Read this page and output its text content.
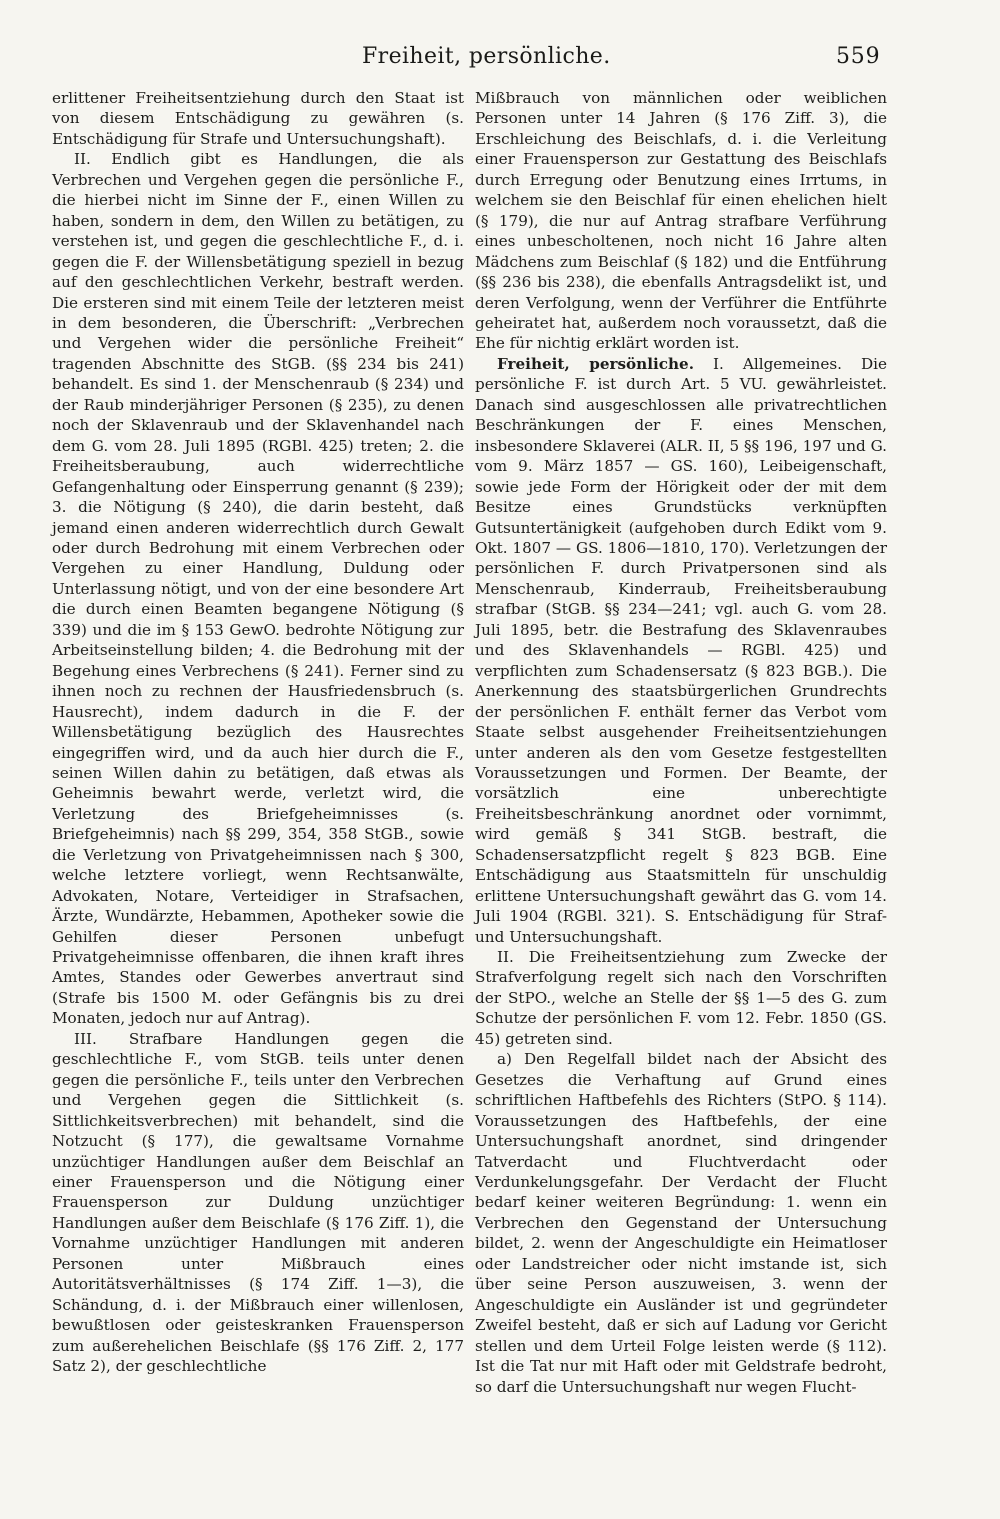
Freiheit, persönliche.	559

erlittener Freiheitsentziehung durch den Staat ist von diesem Entschädigung zu gewähren (s. Entschädigung für Strafe und Untersuchungshaft).

II. Endlich gibt es Handlungen, die als Verbrechen und Vergehen gegen die persönliche F., die hierbei nicht im Sinne der F., einen Willen zu haben, sondern in dem, den Willen zu betätigen, zu verstehen ist, und gegen die geschlechtliche F., d. i. gegen die F. der Willensbetätigung speziell in bezug auf den geschlechtlichen Verkehr, bestraft werden. Die ersteren sind mit einem Teile der letzteren meist in dem besonderen, die Überschrift: „Verbrechen und Vergehen wider die persönliche Freiheit“ tragenden Abschnitte des StGB. (§§ 234 bis 241) behandelt. Es sind 1. der Menschenraub (§ 234) und der Raub minderjähriger Personen (§ 235), zu denen noch der Sklavenraub und der Sklavenhandel nach dem G. vom 28. Juli 1895 (RGBl. 425) treten; 2. die Freiheitsberaubung, auch widerrechtliche Gefangenhaltung oder Einsperrung genannt (§ 239); 3. die Nötigung (§ 240), die darin besteht, daß jemand einen anderen widerrechtlich durch Gewalt oder durch Bedrohung mit einem Verbrechen oder Vergehen zu einer Handlung, Duldung oder Unterlassung nötigt, und von der eine besondere Art die durch einen Beamten begangene Nötigung (§ 339) und die im § 153 GewO. bedrohte Nötigung zur Arbeitseinstellung bilden; 4. die Bedrohung mit der Begehung eines Verbrechens (§ 241). Ferner sind zu ihnen noch zu rechnen der Hausfriedensbruch (s. Hausrecht), indem dadurch in die F. der Willensbetätigung bezüglich des Hausrechtes eingegriffen wird, und da auch hier durch die F., seinen Willen dahin zu betätigen, daß etwas als Geheimnis bewahrt werde, verletzt wird, die Verletzung des Briefgeheimnisses (s. Briefgeheimnis) nach §§ 299, 354, 358 StGB., sowie die Verletzung von Privatgeheimnissen nach § 300, welche letztere vorliegt, wenn Rechtsanwälte, Advokaten, Notare, Verteidiger in Strafsachen, Ärzte, Wundärzte, Hebammen, Apotheker sowie die Gehilfen dieser Personen unbefugt Privatgeheimnisse offenbaren, die ihnen kraft ihres Amtes, Standes oder Gewerbes anvertraut sind (Strafe bis 1500 M. oder Gefängnis bis zu drei Monaten, jedoch nur auf Antrag).

III. Strafbare Handlungen gegen die geschlechtliche F., vom StGB. teils unter denen gegen die persönliche F., teils unter den Verbrechen und Vergehen gegen die Sittlichkeit (s. Sittlichkeitsverbrechen) mit behandelt, sind die Notzucht (§ 177), die gewaltsame Vornahme unzüchtiger Handlungen außer dem Beischlaf an einer Frauensperson und die Nötigung einer Frauensperson zur Duldung unzüchtiger Handlungen außer dem Beischlafe (§ 176 Ziff. 1), die Vornahme unzüchtiger Handlungen mit anderen Personen unter Mißbrauch eines Autoritätsverhältnisses (§ 174 Ziff. 1—3), die Schändung, d. i. der Mißbrauch einer willenlosen, bewußtlosen oder geisteskranken Frauensperson zum außerehelichen Beischlafe (§§ 176 Ziff. 2, 177 Satz 2), der geschlechtliche

Mißbrauch von männlichen oder weiblichen Personen unter 14 Jahren (§ 176 Ziff. 3), die Erschleichung des Beischlafs, d. i. die Verleitung einer Frauensperson zur Gestattung des Beischlafs durch Erregung oder Benutzung eines Irrtums, in welchem sie den Beischlaf für einen ehelichen hielt (§ 179), die nur auf Antrag strafbare Verführung eines unbescholtenen, noch nicht 16 Jahre alten Mädchens zum Beischlaf (§ 182) und die Entführung (§§ 236 bis 238), die ebenfalls Antragsdelikt ist, und deren Verfolgung, wenn der Verführer die Entführte geheiratet hat, außerdem noch voraussetzt, daß die Ehe für nichtig erklärt worden ist.

Freiheit, persönliche. I. Allgemeines. Die persönliche F. ist durch Art. 5 VU. gewährleistet. Danach sind ausgeschlossen alle privatrechtlichen Beschränkungen der F. eines Menschen, insbesondere Sklaverei (ALR. II, 5 §§ 196, 197 und G. vom 9. März 1857 — GS. 160), Leibeigenschaft, sowie jede Form der Hörigkeit oder der mit dem Besitze eines Grundstücks verknüpften Gutsuntertänigkeit (aufgehoben durch Edikt vom 9. Okt. 1807 — GS. 1806—1810, 170). Verletzungen der persönlichen F. durch Privatpersonen sind als Menschenraub, Kinderraub, Freiheitsberaubung strafbar (StGB. §§ 234—241; vgl. auch G. vom 28. Juli 1895, betr. die Bestrafung des Sklavenraubes und des Sklavenhandels — RGBl. 425) und verpflichten zum Schadensersatz (§ 823 BGB.). Die Anerkennung des staatsbürgerlichen Grundrechts der persönlichen F. enthält ferner das Verbot vom Staate selbst ausgehender Freiheitsentziehungen unter anderen als den vom Gesetze festgestellten Voraussetzungen und Formen. Der Beamte, der vorsätzlich eine unberechtigte Freiheitsbeschränkung anordnet oder vornimmt, wird gemäß § 341 StGB. bestraft, die Schadensersatzpflicht regelt § 823 BGB. Eine Entschädigung aus Staatsmitteln für unschuldig erlittene Untersuchungshaft gewährt das G. vom 14. Juli 1904 (RGBl. 321). S. Entschädigung für Straf- und Untersuchungshaft.

II. Die Freiheitsentziehung zum Zwecke der Strafverfolgung regelt sich nach den Vorschriften der StPO., welche an Stelle der §§ 1—5 des G. zum Schutze der persönlichen F. vom 12. Febr. 1850 (GS. 45) getreten sind.

a) Den Regelfall bildet nach der Absicht des Gesetzes die Verhaftung auf Grund eines schriftlichen Haftbefehls des Richters (StPO. § 114). Voraussetzungen des Haftbefehls, der eine Untersuchungshaft anordnet, sind dringender Tatverdacht und Fluchtverdacht oder Verdunkelungsgefahr. Der Verdacht der Flucht bedarf keiner weiteren Begründung: 1. wenn ein Verbrechen den Gegenstand der Untersuchung bildet, 2. wenn der Angeschuldigte ein Heimatloser oder Landstreicher oder nicht imstande ist, sich über seine Person auszuweisen, 3. wenn der Angeschuldigte ein Ausländer ist und gegründeter Zweifel besteht, daß er sich auf Ladung vor Gericht stellen und dem Urteil Folge leisten werde (§ 112). Ist die Tat nur mit Haft oder mit Geldstrafe bedroht, so darf die Untersuchungshaft nur wegen Flucht-
